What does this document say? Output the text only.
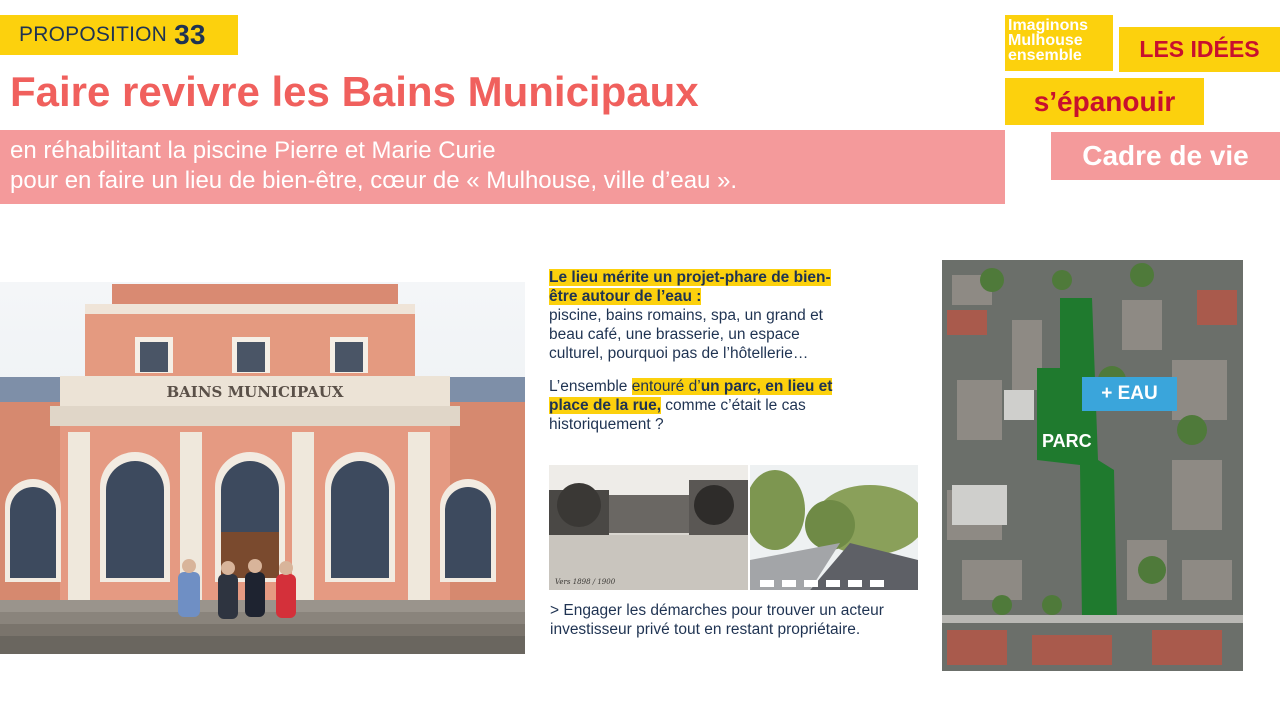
PROPOSITION 33
Faire revivre les Bains Municipaux
en réhabilitant la piscine Pierre et Marie Curie
pour en faire un lieu de bien-être, cœur de « Mulhouse, ville d’eau ».
Imaginons
Mulhouse
ensemble	LES IDÉES
s’épanouir
Cadre de vie
BAINS MUNICIPAUX

Le lieu mérite un projet-phare de bien-être autour de l’eau :
piscine, bains romains, spa, un grand et beau café, une brasserie, un espace culturel, pourquoi pas de l’hôtellerie…

L’ensemble entouré d’un parc, en lieu et place de la rue, comme c’était le cas historiquement ?

Vers 1898 / 1900
> Engager les démarches pour trouver un acteur investisseur privé tout en restant propriétaire.
+ EAU
PARC
